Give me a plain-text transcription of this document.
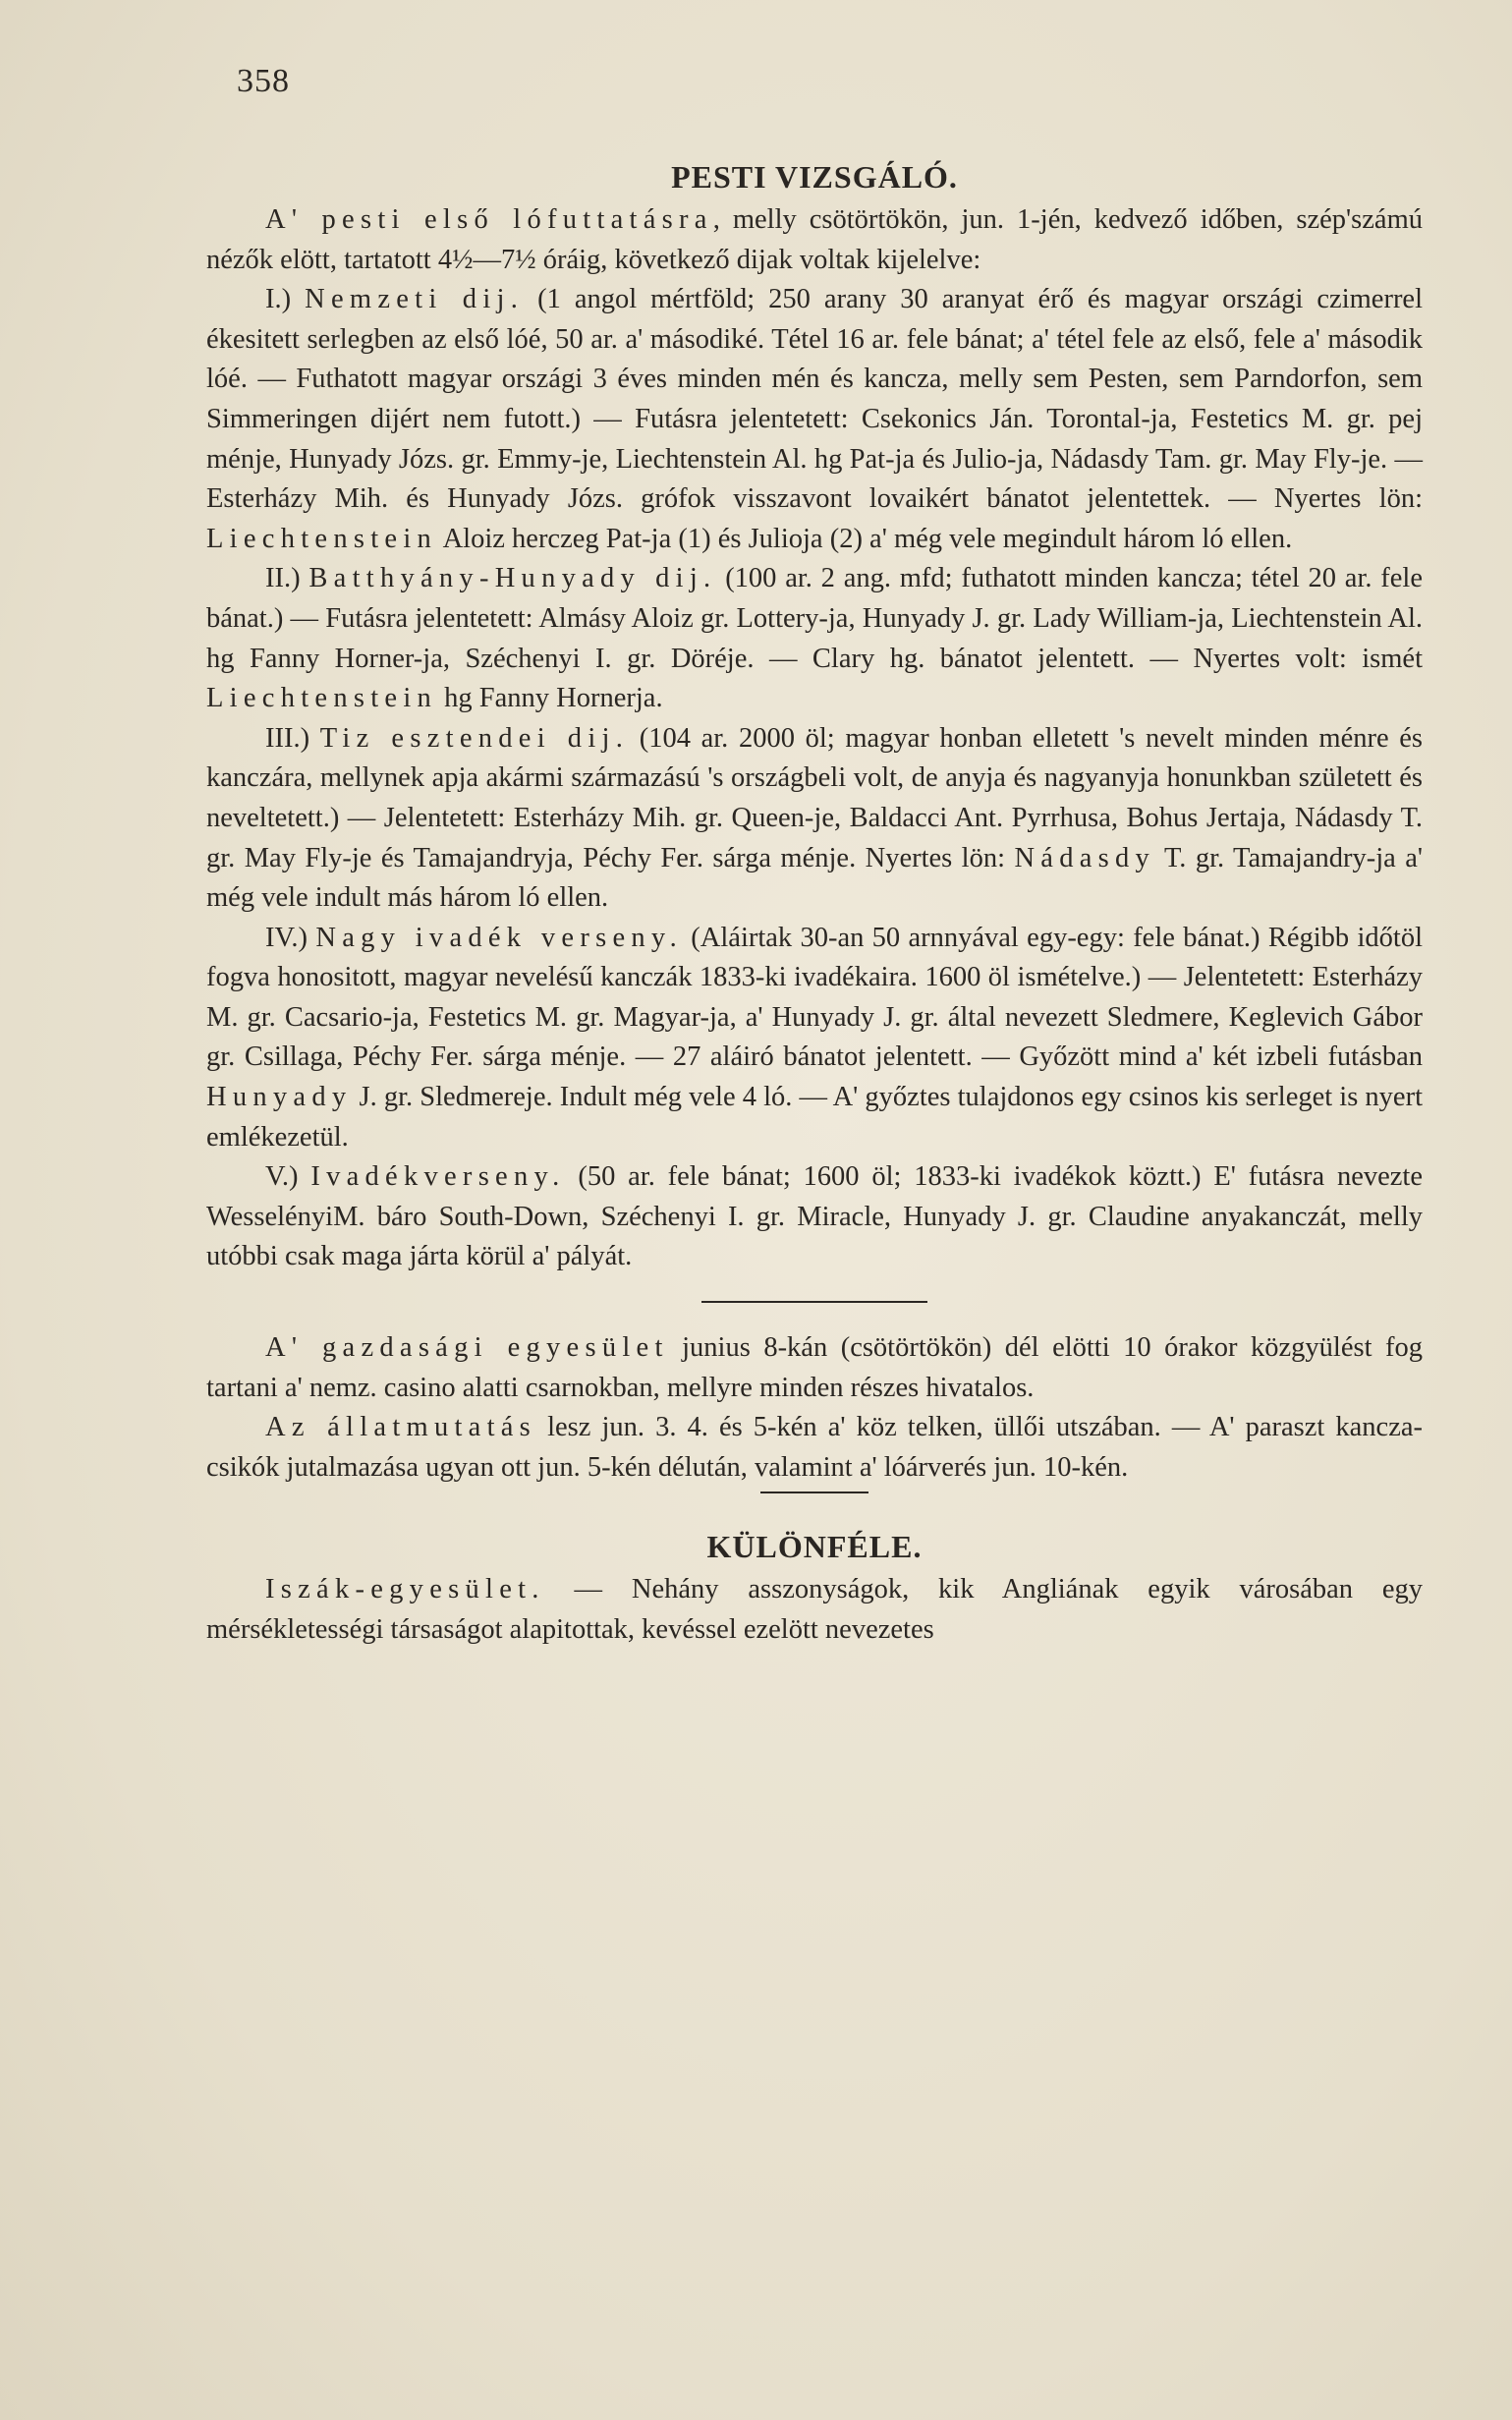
358
PESTI VIZSGÁLÓ.

A' pesti első lófuttatásra, melly csötörtökön, jun. 1-jén, kedvező időben, szép'számú nézők elött, tartatott 4½—7½ óráig, következő dijak voltak kijelelve:

I.) Nemzeti dij. (1 angol mértföld; 250 arany 30 aranyat érő és magyar országi czimerrel ékesitett serlegben az első lóé, 50 ar. a' másodiké. Tétel 16 ar. fele bánat; a' tétel fele az első, fele a' második lóé. — Futhatott magyar országi 3 éves minden mén és kancza, melly sem Pesten, sem Parndorfon, sem Simmeringen dijért nem futott.) — Futásra jelentetett: Csekonics Ján. Torontal-ja, Festetics M. gr. pej ménje, Hunyady Józs. gr. Emmy-je, Liechtenstein Al. hg Pat-ja és Julio-ja, Nádasdy Tam. gr. May Fly-je. — Esterházy Mih. és Hunyady Józs. grófok visszavont lovaikért bánatot jelentettek. — Nyertes lön: Liechtenstein Aloiz herczeg Pat-ja (1) és Julioja (2) a' még vele megindult három ló ellen.

II.) Batthyány-Hunyady dij. (100 ar. 2 ang. mfd; futhatott minden kancza; tétel 20 ar. fele bánat.) — Futásra jelentetett: Almásy Aloiz gr. Lottery-ja, Hunyady J. gr. Lady William-ja, Liechtenstein Al. hg Fanny Horner-ja, Széchenyi I. gr. Döréje. — Clary hg. bánatot jelentett. — Nyertes volt: ismét Liechtenstein hg Fanny Hornerja.

III.) Tiz esztendei dij. (104 ar. 2000 öl; magyar honban elletett 's nevelt minden ménre és kanczára, mellynek apja akármi származású 's országbeli volt, de anyja és nagyanyja honunkban született és neveltetett.) — Jelentetett: Esterházy Mih. gr. Queen-je, Baldacci Ant. Pyrrhusa, Bohus Jertaja, Nádasdy T. gr. May Fly-je és Tamajandryja, Péchy Fer. sárga ménje. Nyertes lön: Nádasdy T. gr. Tamajandry-ja a' még vele indult más három ló ellen.

IV.) Nagy ivadék verseny. (Aláirtak 30-an 50 arnnyával egy-egy: fele bánat.) Régibb időtöl fogva honositott, magyar nevelésű kanczák 1833-ki ivadékaira. 1600 öl ismételve.) — Jelentetett: Esterházy M. gr. Cacsario-ja, Festetics M. gr. Magyar-ja, a' Hunyady J. gr. által nevezett Sledmere, Keglevich Gábor gr. Csillaga, Péchy Fer. sárga ménje. — 27 aláiró bánatot jelentett. — Győzött mind a' két izbeli futásban Hunyady J. gr. Sledmereje. Indult még vele 4 ló. — A' győztes tulajdonos egy csinos kis serleget is nyert emlékezetül.

V.) Ivadékverseny. (50 ar. fele bánat; 1600 öl; 1833-ki ivadékok köztt.) E' futásra nevezte WesselényiM. báro South-Down, Széchenyi I. gr. Miracle, Hunyady J. gr. Claudine anyakanczát, melly utóbbi csak maga járta körül a' pályát.

A' gazdasági egyesület junius 8-kán (csötörtökön) dél elötti 10 órakor közgyülést fog tartani a' nemz. casino alatti csarnokban, mellyre minden részes hivatalos.

Az állatmutatás lesz jun. 3. 4. és 5-kén a' köz telken, üllői utszában. — A' paraszt kancza-csikók jutalmazása ugyan ott jun. 5-kén délután, valamint a' lóárverés jun. 10-kén.

KÜLÖNFÉLE.

Iszák-egyesület. — Nehány asszonyságok, kik Angliának egyik városában egy mérsékletességi társaságot alapitottak, kevéssel ezelött nevezetes
